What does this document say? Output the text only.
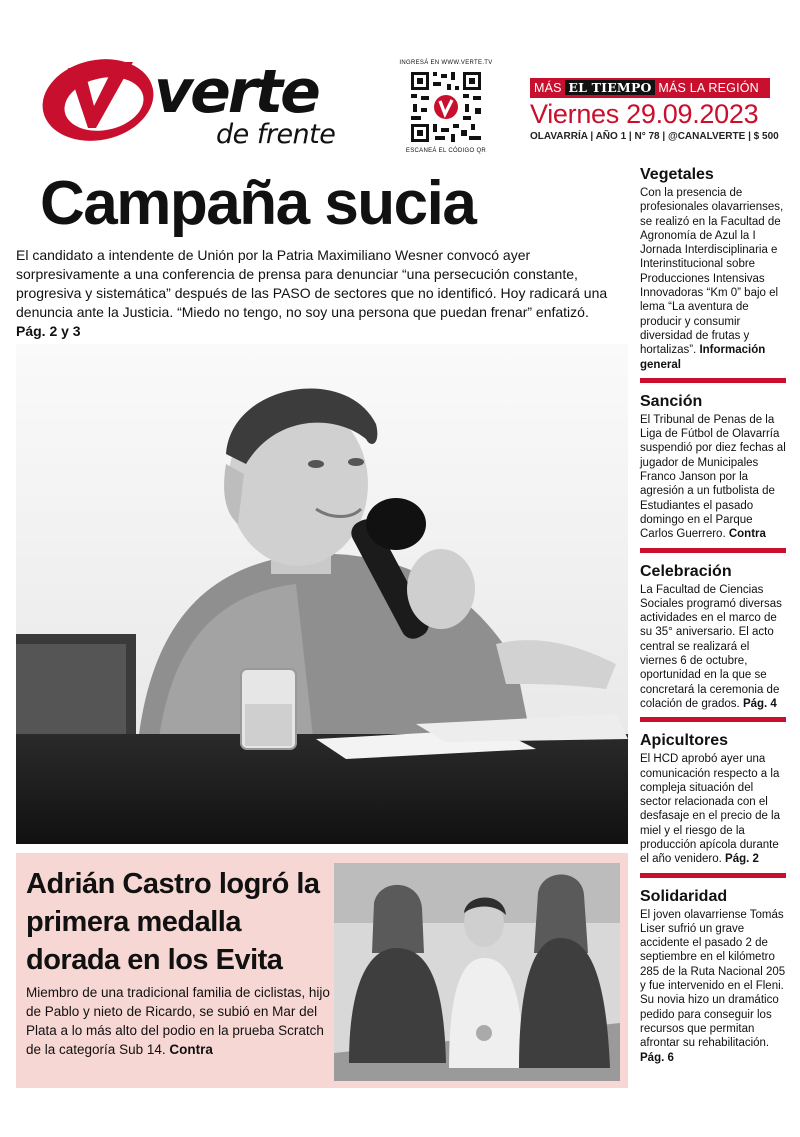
verte
de frente
INGRESÁ EN WWW.VERTE.TV
ESCANEÁ EL CÓDIGO QR
MÁS EL TIEMPO MÁS LA REGIÓN
Viernes 29.09.2023
OLAVARRÍA | AÑO 1 | N° 78 | @CANALVERTE | $ 500
Campaña sucia

El candidato a intendente de Unión por la Patria Maximiliano Wesner convocó ayer sorpresivamente a una conferencia de prensa para denunciar “una persecución constante, progresiva y sistemática” después de las PASO de sectores que no identificó. Hoy radicará una denuncia ante la Justicia. “Miedo no tengo, no soy una persona que puedan frenar” enfatizó. Pág. 2 y 3

Adrián Castro logró la primera medalla dorada en los Evita

Miembro de una tradicional familia de ciclistas, hijo de Pablo y nieto de Ricardo, se subió en Mar del Plata a lo más alto del podio en la prueba Scratch de la categoría Sub 14. Contra

Vegetales
Con la presencia de profesionales olavarrienses, se realizó en la Facultad de Agronomía de Azul la I Jornada Interdisciplinaria e Interinstitucional sobre Producciones Intensivas Innovadoras “Km 0” bajo el lema “La aventura de producir y consumir diversidad de frutas y hortalizas”. Información general
Sanción
El Tribunal de Penas de la Liga de Fútbol de Olavarría suspendió por diez fechas al jugador de Municipales Franco Janson por la agresión a un futbolista de Estudiantes el pasado domingo en el Parque Carlos Guerrero. Contra
Celebración
La Facultad de Ciencias Sociales programó diversas actividades en el marco de su 35° aniversario. El acto central se realizará el viernes 6 de octubre, oportunidad en la que se concretará la ceremonia de colación de grados. Pág. 4
Apicultores
El HCD aprobó ayer una comunicación respecto a la compleja situación del sector relacionada con el desfasaje en el precio de la miel y el riesgo de la producción apícola durante el año venidero. Pág. 2
Solidaridad
El joven olavarriense Tomás Liser sufrió un grave accidente el pasado 2 de septiembre en el kilómetro 285 de la Ruta Nacional 205 y fue intervenido en el Fleni. Su novia hizo un dramático pedido para conseguir los recursos que permitan afrontar su rehabilitación. Pág. 6
